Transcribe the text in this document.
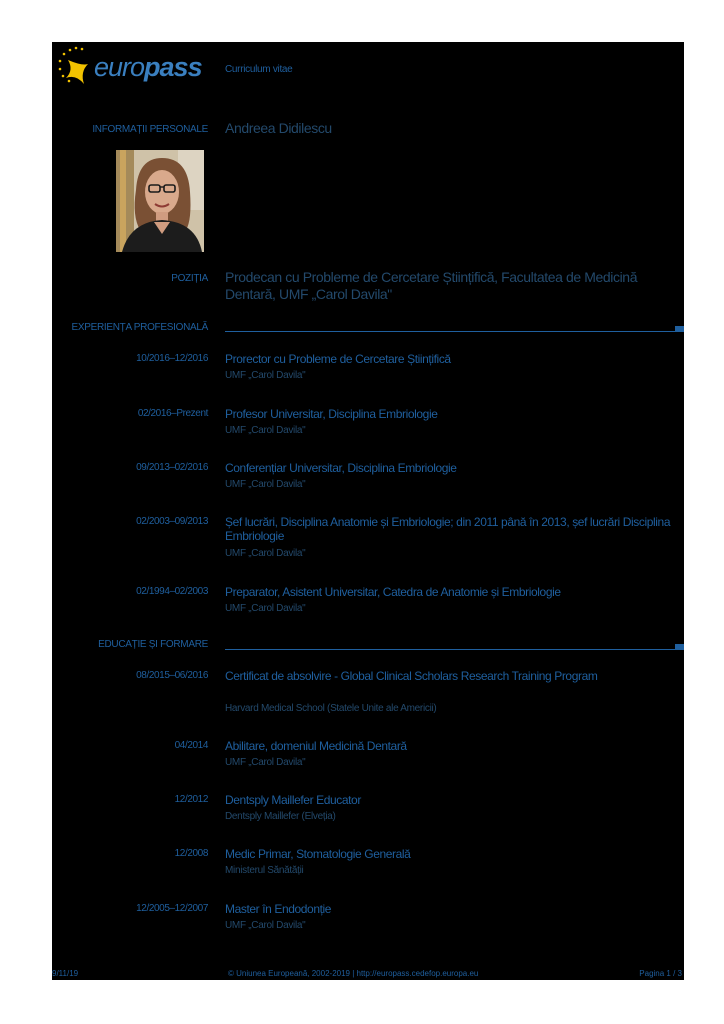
europass Curriculum vitae
INFORMAȚII PERSONALE Andreea Didilescu
POZIȚIA Prodecan cu Probleme de Cercetare Științifică, Facultatea de Medicină Dentară, UMF „Carol Davila"
EXPERIENȚA PROFESIONALĂ
10/2016–12/2016 Prorector cu Probleme de Cercetare Științifică
UMF „Carol Davila"
02/2016–Prezent Profesor Universitar, Disciplina Embriologie
UMF „Carol Davila"
09/2013–02/2016 Conferențiar Universitar, Disciplina Embriologie
UMF „Carol Davila"
02/2003–09/2013 Șef lucrări, Disciplina Anatomie și Embriologie; din 2011 până în 2013, șef lucrări Disciplina Embriologie
UMF „Carol Davila"
02/1994–02/2003 Preparator, Asistent Universitar, Catedra de Anatomie și Embriologie
UMF „Carol Davila"
EDUCAȚIE ȘI FORMARE
08/2015–06/2016 Certificat de absolvire - Global Clinical Scholars Research Training Program
Harvard Medical School (Statele Unite ale Americii)
04/2014 Abilitare, domeniul Medicină Dentară
UMF „Carol Davila"
12/2012 Dentsply Maillefer Educator
Dentsply Maillefer (Elveția)
12/2008 Medic Primar, Stomatologie Generală
Ministerul Sănătății
12/2005–12/2007 Master în Endodonție
UMF „Carol Davila"
9/11/19	© Uniunea Europeană, 2002-2019 | http://europass.cedefop.europa.eu	Pagina 1 / 3
